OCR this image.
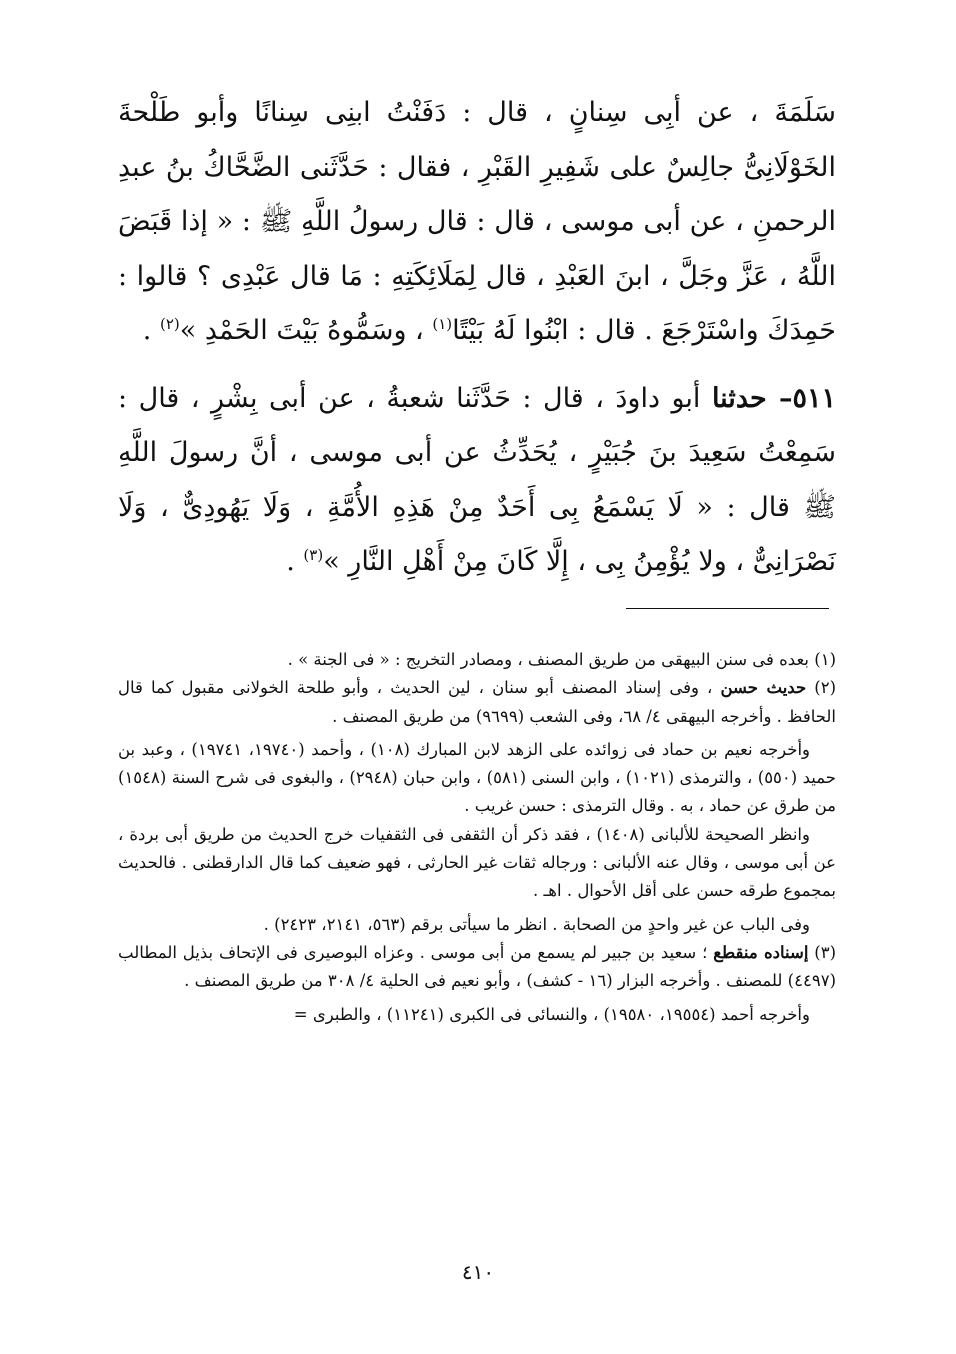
سَلَمَةَ ، عن أبِى سِنانٍ ، قال : دَفَنْتُ ابنِى سِنانًا وأبو طَلْحةَ الخَوْلَانِىُّ جالِسٌ على شَفِيرِ القَبْرِ ، فقال : حَدَّثَنى الضَّحَّاكُ بنُ عبدِ الرحمنِ ، عن أبى موسى ، قال : قال رسولُ اللَّهِ ﷺ : « إذا قَبَضَ اللَّهُ ، عَزَّ وجَلَّ ، ابنَ العَبْدِ ، قال لِمَلَائِكَتِهِ : مَا قال عَبْدِى ؟ قالوا : حَمِدَكَ واسْتَرْجَعَ . قال : ابْنُوا لَهُ بَيْتًا$^{(١)}$ ، وسَمُّوهُ بَيْتَ الحَمْدِ »$^{(٢)}$ .

٥١١– حدثنا أبو داودَ ، قال : حَدَّثَنا شعبةُ ، عن أبى بِشْرٍ ، قال : سَمِعْتُ سَعِيدَ بنَ جُبَيْرٍ ، يُحَدِّثُ عن أبى موسى ، أنَّ رسولَ اللَّهِ ﷺ قال : « لَا يَسْمَعُ بِى أَحَدٌ مِنْ هَذِهِ الأُمَّةِ ، وَلَا يَهُودِىٌّ ، وَلَا نَصْرَانِىٌّ ، ولا يُؤْمِنُ بِى ، إِلَّا كَانَ مِنْ أَهْلِ النَّارِ »$^{(٣)}$ .

(١) بعده فى سنن البيهقى من طريق المصنف ، ومصادر التخريج : « فى الجنة » .

(٢) حديث حسن ، وفى إسناد المصنف أبو سنان ، لين الحديث ، وأبو طلحة الخولانى مقبول كما قال الحافظ . وأخرجه البيهقى ٤/ ٦٨، وفى الشعب (٩٦٩٩) من طريق المصنف .

وأخرجه نعيم بن حماد فى زوائده على الزهد لابن المبارك (١٠٨) ، وأحمد (١٩٧٤٠، ١٩٧٤١) ، وعبد بن حميد (٥٥٠) ، والترمذى (١٠٢١) ، وابن السنى (٥٨١) ، وابن حبان (٢٩٤٨) ، والبغوى فى شرح السنة (١٥٤٨) من طرق عن حماد ، به . وقال الترمذى : حسن غريب .

وانظر الصحيحة للألبانى (١٤٠٨) ، فقد ذكر أن الثقفى فى الثقفيات خرج الحديث من طريق أبى بردة ، عن أبى موسى ، وقال عنه الألبانى : ورجاله ثقات غير الحارثى ، فهو ضعيف كما قال الدارقطنى . فالحديث بمجموع طرقه حسن على أقل الأحوال . اهـ .

وفى الباب عن غير واحدٍ من الصحابة . انظر ما سيأتى برقم (٥٦٣، ٢١٤١، ٢٤٢٣) .

(٣) إسناده منقطع ؛ سعيد بن جبير لم يسمع من أبى موسى . وعزاه البوصيرى فى الإتحاف بذيل المطالب (٤٤٩٧) للمصنف . وأخرجه البزار (١٦ - كشف) ، وأبو نعيم فى الحلية ٤/ ٣٠٨ من طريق المصنف .

وأخرجه أحمد (١٩٥٥٤، ١٩٥٨٠) ، والنسائى فى الكبرى (١١٢٤١) ، والطبرى =

٤١٠
